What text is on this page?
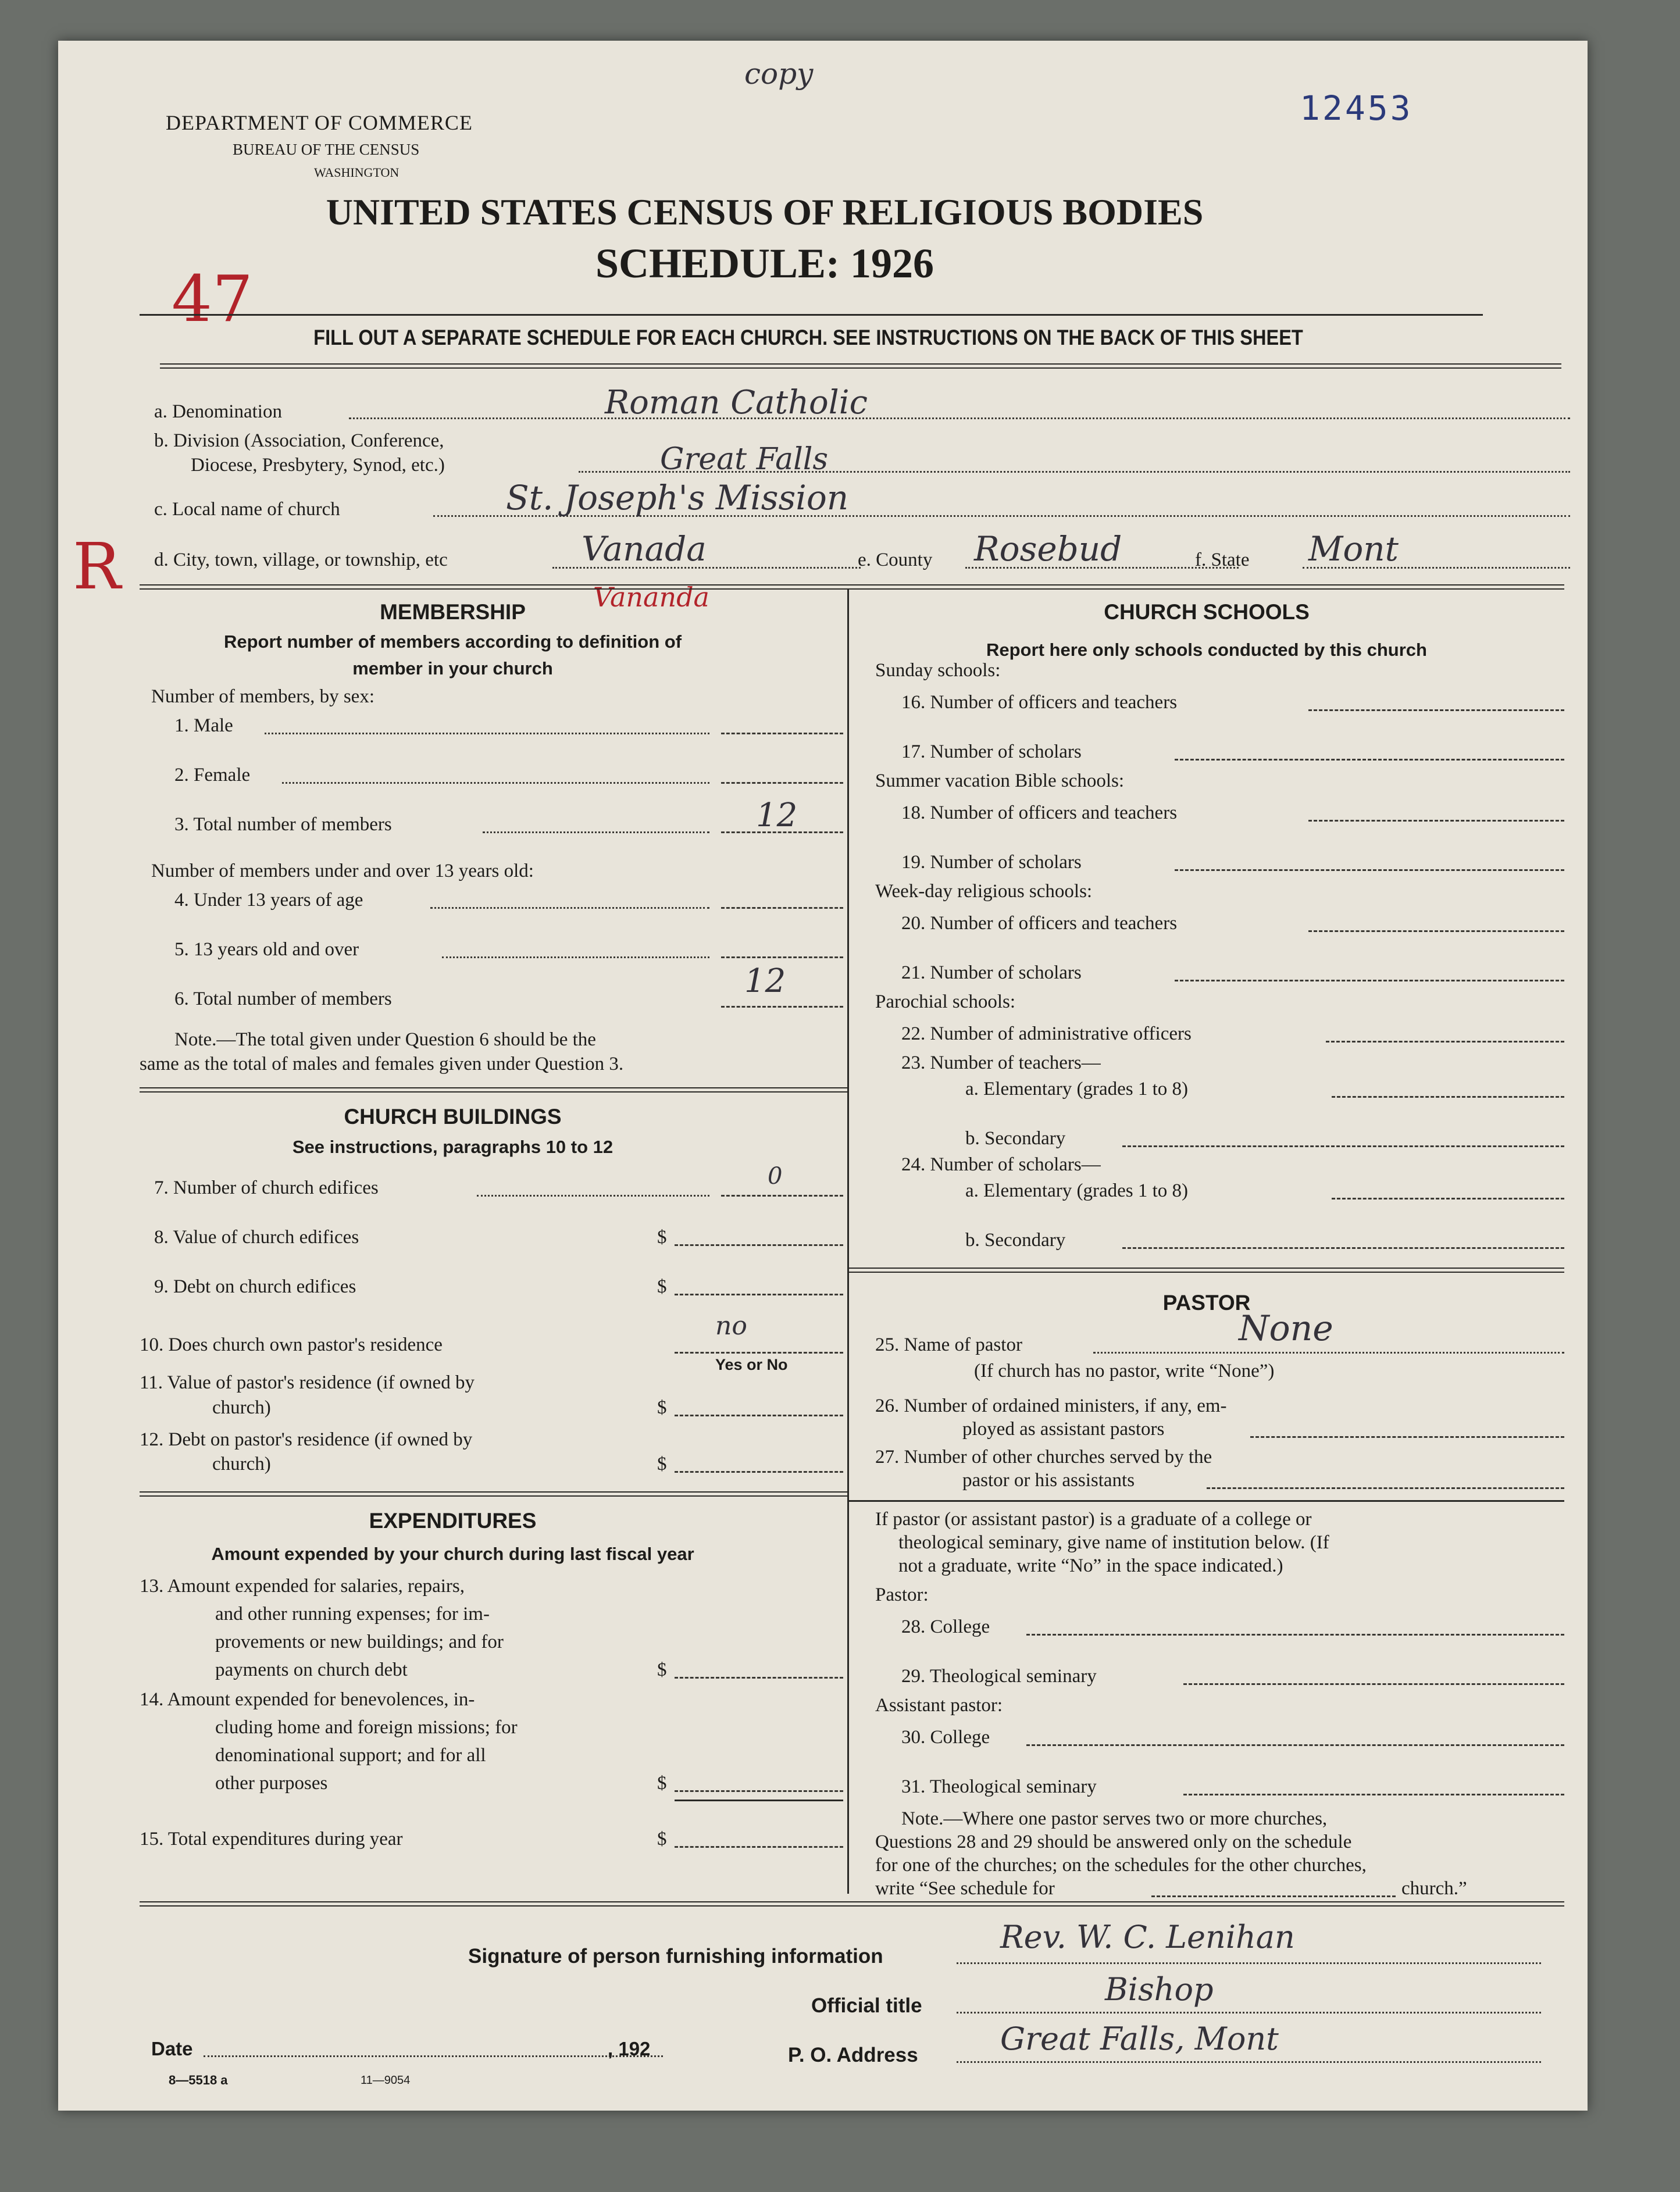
copy
DEPARTMENT OF COMMERCE
BUREAU OF THE CENSUS
WASHINGTON
12453
47
UNITED STATES CENSUS OF RELIGIOUS BODIES
SCHEDULE: 1926
FILL OUT A SEPARATE SCHEDULE FOR EACH CHURCH. SEE INSTRUCTIONS ON THE BACK OF THIS SHEET
a. Denomination	Roman Catholic
b. Division (Association, Conference,
Diocese, Presbytery, Synod, etc.)	Great Falls
c. Local name of church	St. Joseph's Mission
R d. City, town, village, or township, etc	Vanada	e. County Rosebud	f. State Mont
Vananda
MEMBERSHIP
Report number of members according to definition of
member in your church
Number of members, by sex:
1. Male
2. Female
3. Total number of members	12
Number of members under and over 13 years old:
4. Under 13 years of age
5. 13 years old and over
6. Total number of members	12
Note.—The total given under Question 6 should be the
same as the total of males and females given under Question 3.
CHURCH BUILDINGS
See instructions, paragraphs 10 to 12
7. Number of church edifices	0
8. Value of church edifices	$
9. Debt on church edifices	$
10. Does church own pastor's residence
no
Yes or No
11. Value of pastor's residence (if owned by
church)	$
12. Debt on pastor's residence (if owned by
church)	$
EXPENDITURES
Amount expended by your church during last fiscal year
13. Amount expended for salaries, repairs,
and other running expenses; for im-
provements or new buildings; and for
payments on church debt	$
14. Amount expended for benevolences, in-
cluding home and foreign missions; for
denominational support; and for all
other purposes	$
15. Total expenditures during year	$
CHURCH SCHOOLS
Report here only schools conducted by this church
Sunday schools:
16. Number of officers and teachers
17. Number of scholars
Summer vacation Bible schools:
18. Number of officers and teachers
19. Number of scholars
Week-day religious schools:
20. Number of officers and teachers
21. Number of scholars
Parochial schools:
22. Number of administrative officers
23. Number of teachers—
a. Elementary (grades 1 to 8)
b. Secondary
24. Number of scholars—
a. Elementary (grades 1 to 8)
b. Secondary
PASTOR
25. Name of pastor	None
(If church has no pastor, write “None”)
26. Number of ordained ministers, if any, em-
ployed as assistant pastors
27. Number of other churches served by the
pastor or his assistants
If pastor (or assistant pastor) is a graduate of a college or
theological seminary, give name of institution below. (If
not a graduate, write “No” in the space indicated.)
Pastor:
28. College
29. Theological seminary
Assistant pastor:
30. College
31. Theological seminary
Note.—Where one pastor serves two or more churches,
Questions 28 and 29 should be answered only on the schedule
for one of the churches; on the schedules for the other churches,
write “See schedule for	church.”
Signature of person furnishing information
Rev. W. C. Lenihan
Official title	Bishop
Date	, 192	P. O. Address	Great Falls, Mont
8—5518 a	11—9054
